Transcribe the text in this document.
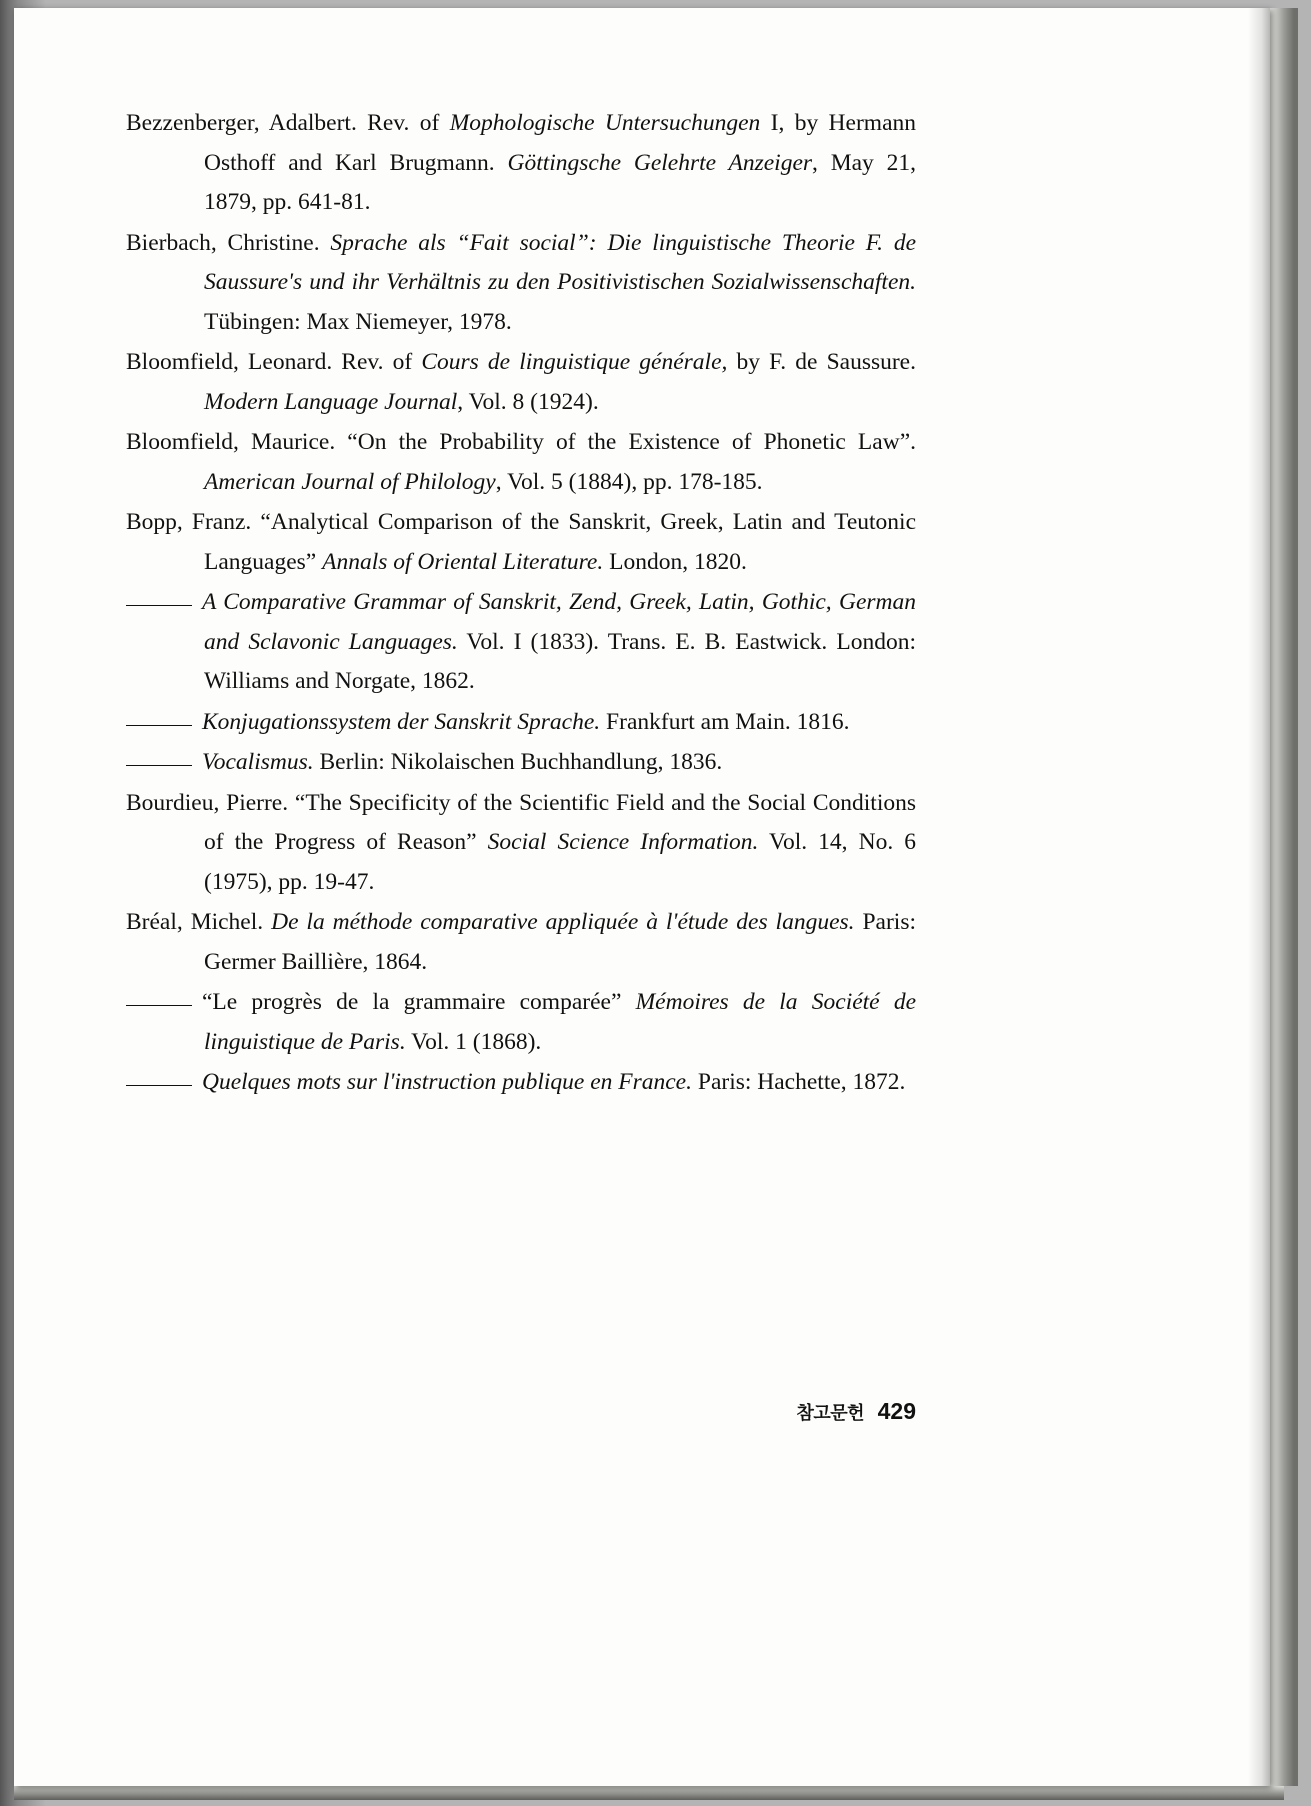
Bezzenberger, Adalbert. Rev. of Mophologische Untersuchungen I, by Hermann Osthoff and Karl Brugmann. Göttingsche Gelehrte Anzeiger, May 21, 1879, pp. 641-81.

Bierbach, Christine. Sprache als “Fait social”: Die linguistische Theorie F. de Saussure's und ihr Verhältnis zu den Positivistischen Sozialwissenschaften. Tübingen: Max Niemeyer, 1978.

Bloomfield, Leonard. Rev. of Cours de linguistique générale, by F. de Saussure. Modern Language Journal, Vol. 8 (1924).

Bloomfield, Maurice. “On the Probability of the Existence of Phonetic Law”. American Journal of Philology, Vol. 5 (1884), pp. 178-185.

Bopp, Franz. “Analytical Comparison of the Sanskrit, Greek, Latin and Teutonic Languages” Annals of Oriental Literature. London, 1820.

A Comparative Grammar of Sanskrit, Zend, Greek, Latin, Gothic, German and Sclavonic Languages. Vol. I (1833). Trans. E. B. Eastwick. London: Williams and Norgate, 1862.

Konjugationssystem der Sanskrit Sprache. Frankfurt am Main. 1816.

Vocalismus. Berlin: Nikolaischen Buchhandlung, 1836.

Bourdieu, Pierre. “The Specificity of the Scientific Field and the Social Conditions of the Progress of Reason” Social Science Information. Vol. 14, No. 6 (1975), pp. 19-47.

Bréal, Michel. De la méthode comparative appliquée à l'étude des langues. Paris: Germer Baillière, 1864.

“Le progrès de la grammaire comparée” Mémoires de la Société de linguistique de Paris. Vol. 1 (1868).

Quelques mots sur l'instruction publique en France. Paris: Hachette, 1872.

참고문헌 429
